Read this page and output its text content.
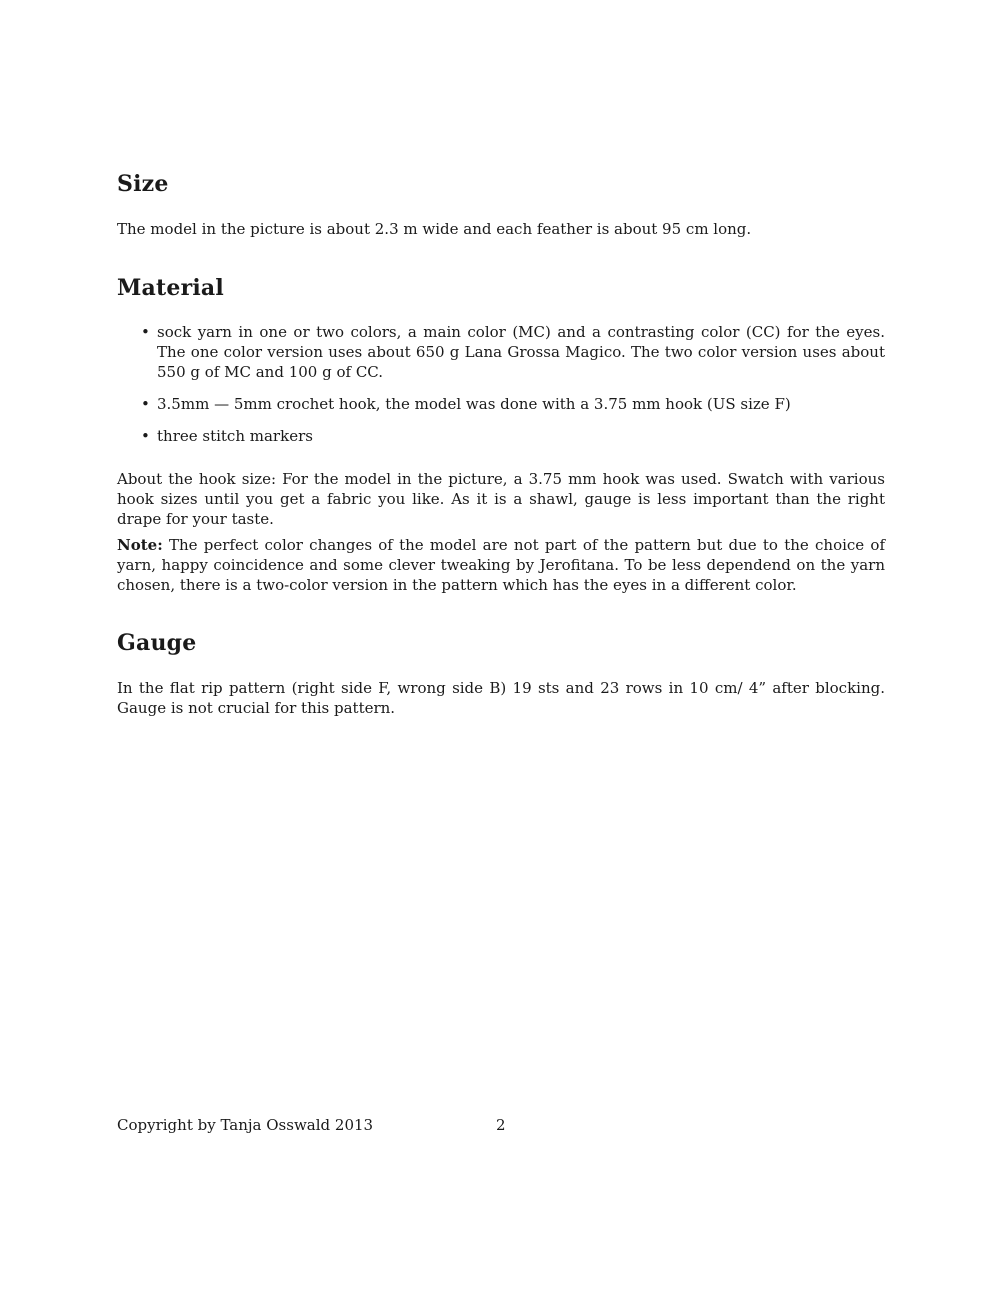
Size

The model in the picture is about 2.3 m wide and each feather is about 95 cm long.

Material
• sock yarn in one or two colors, a main color (MC) and a contrasting color (CC) for the eyes. The one color version uses about 650 g Lana Grossa Magico. The two color version uses about 550 g of MC and 100 g of CC.
• 3.5mm — 5mm crochet hook, the model was done with a 3.75 mm hook (US size F)
• three stitch markers

About the hook size: For the model in the picture, a 3.75 mm hook was used. Swatch with various hook sizes until you get a fabric you like. As it is a shawl, gauge is less important than the right drape for your taste.

Note: The perfect color changes of the model are not part of the pattern but due to the choice of yarn, happy coincidence and some clever tweaking by Jerofitana. To be less dependend on the yarn chosen, there is a two-color version in the pattern which has the eyes in a different color.

Gauge

In the flat rip pattern (right side F, wrong side B) 19 sts and 23 rows in 10 cm/ 4” after blocking. Gauge is not crucial for this pattern.

Copyright by Tanja Osswald 2013	2
